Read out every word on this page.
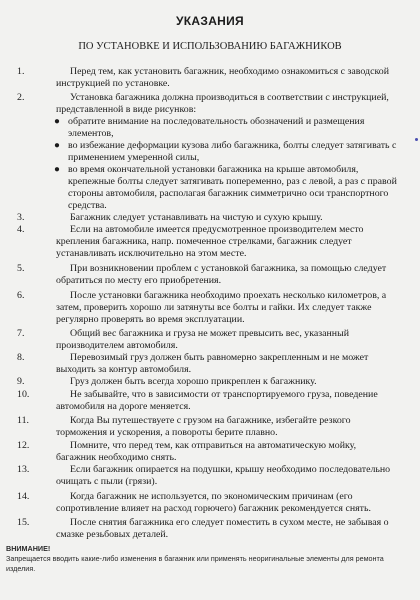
УКАЗАНИЯ
ПО УСТАНОВКЕ И ИСПОЛЬЗОВАНИЮ БАГАЖНИКОВ
1.	Перед тем, как установить багажник, необходимо ознакомиться с заводской инструкцией по установке.
2.	Установка багажника должна производиться в соответствии с инструкцией, представленной в виде рисунков:
● обратите внимание на последовательность обозначений и размещения элементов,
● во избежание деформации кузова либо багажника, болты следует затягивать с применением умеренной силы,
● во время окончательной установки багажника на крыше автомобиля, крепежные болты следует затягивать попеременно, раз с левой, а раз с правой стороны автомобиля, располагая багажник симметрично оси транспортного средства.
3.	Багажник следует устанавливать на чистую и сухую крышу.
4.	Если на автомобиле имеется предусмотренное производителем место крепления багажника, напр. помеченное стрелками, багажник следует устанавливать исключительно на этом месте.
5.	При возникновении проблем с установкой багажника, за помощью следует обратиться по месту его приобретения.
6.	После установки багажника необходимо проехать несколько километров, а затем, проверить хорошо ли затянуты все болты и гайки. Их следует также регулярно проверять во время эксплуатации.
7.	Общий вес багажника и груза не может превысить вес, указанный производителем автомобиля.
8.	Перевозимый груз должен быть равномерно закрепленным и не может выходить за контур автомобиля.
9.	Груз должен быть всегда хорошо прикреплен к багажнику.
10.	Не забывайте, что в зависимости от транспортируемого груза, поведение автомобиля на дороге меняется.
11.	Когда Вы путешествуете с грузом на багажнике, избегайте резкого торможения и ускорения, а повороты берите плавно.
12.	Помните, что перед тем, как отправиться на автоматическую мойку, багажник необходимо снять.
13.	Если багажник опирается на подушки, крышу необходимо последовательно очищать с пыли (грязи).
14.	Когда багажник не используется, по экономическим причинам (его сопротивление влияет на расход горючего) багажник рекомендуется снять.
15.	После снятия багажника его следует поместить в сухом месте, не забывая о смазке резьбовых деталей.
ВНИМАНИЕ!
Запрещается вводить какие-либо изменения в багажник или применять неоригинальные элементы для ремонта изделия.
